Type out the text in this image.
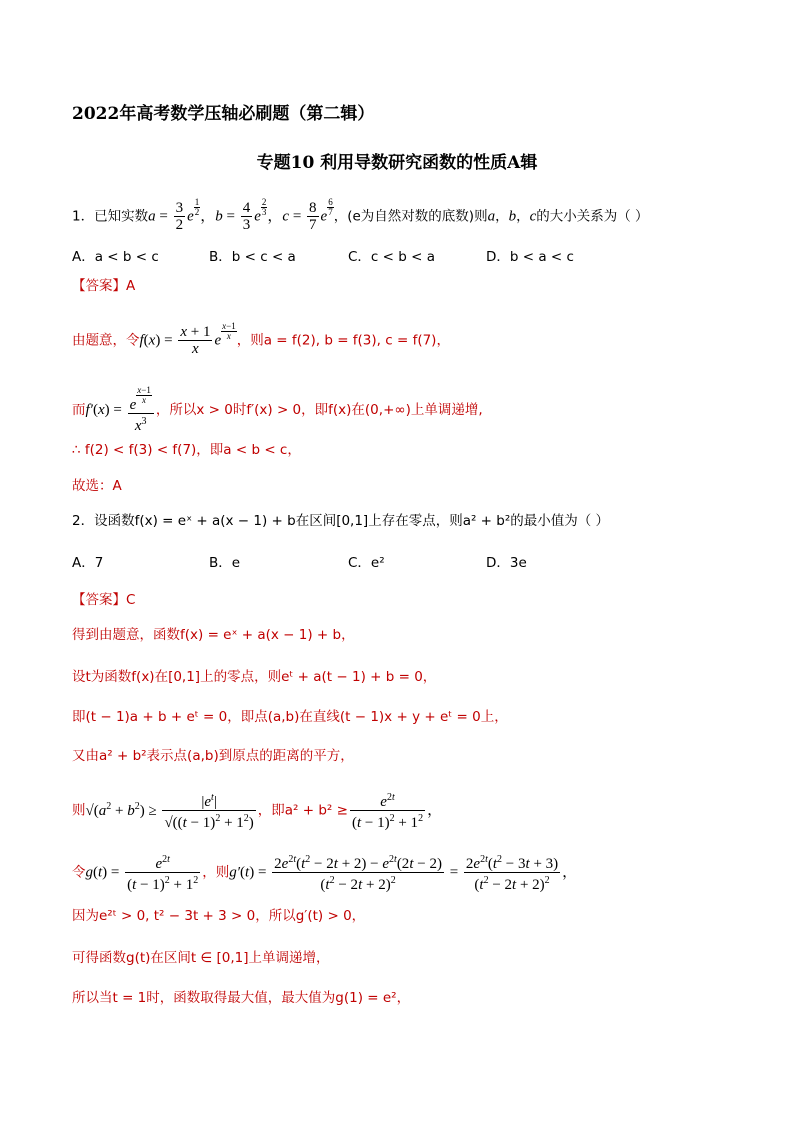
2022年高考数学压轴必刷题（第二辑）
专题10 利用导数研究函数的性质A辑
1．已知实数$a = \frac{3}{2}$ e $\frac{1}{2}$ ，$b = \frac{4}{3}$ e $\frac{2}{3}$ ，$c = \frac{8}{7}$ e $\frac{6}{7}$ ，(e为自然对数的底数)则a，b，c的大小关系为（ ）
A．a < b < c	B．b < c < a	C．c < b < a	D．b < a < c
【答案】A
由题意，令$f(x) = \frac{x + 1}{x}$ e $\frac{x-1}{x}$ ，则a = f(2), b = f(3), c = f(7)，
而$f'(x) = \frac{e \frac{x-1}{x}}{x^3}$ ，所以x > 0时f′(x) > 0，即f(x)在(0,+∞)上单调递增,
∴ f(2) < f(3) < f(7)，即a < b < c，
故选：A
2．设函数f(x) = eˣ + a(x − 1) + b在区间[0,1]上存在零点，则a² + b²的最小值为（ ）
A．7	B．e	C．e²	D．3e
【答案】C
得到由题意，函数f(x) = eˣ + a(x − 1) + b，
设t为函数f(x)在[0,1]上的零点，则eᵗ + a(t − 1) + b = 0，
即(t − 1)a + b + eᵗ = 0，即点(a,b)在直线(t − 1)x + y + eᵗ = 0上，
又由a² + b²表示点(a,b)到原点的距离的平方，
则$√(a^2 + b^2) \ge \frac{|e^t|}{√((t - 1)^2 + 1^2)}$ ，即$a^2 + b^2 \ge \frac{e^{2t}}{(t - 1)^2 + 1^2}$ ，
令$g(t) = \frac{e^{2t}}{(t - 1)^2 + 1^2}$ ，则$g'(t) = \frac{2e^{2t}(t^2 - 2t + 2) - e^{2t}(2t - 2)}{(t^2 - 2t + 2)^2} = \frac{2e^{2t}(t^2 - 3t + 3)}{(t^2 - 2t + 2)^2}$ ，
因为e²ᵗ > 0, t² − 3t + 3 > 0，所以g′(t) > 0，
可得函数g(t)在区间t ∈ [0,1]上单调递增，
所以当t = 1时，函数取得最大值，最大值为g(1) = e²，
